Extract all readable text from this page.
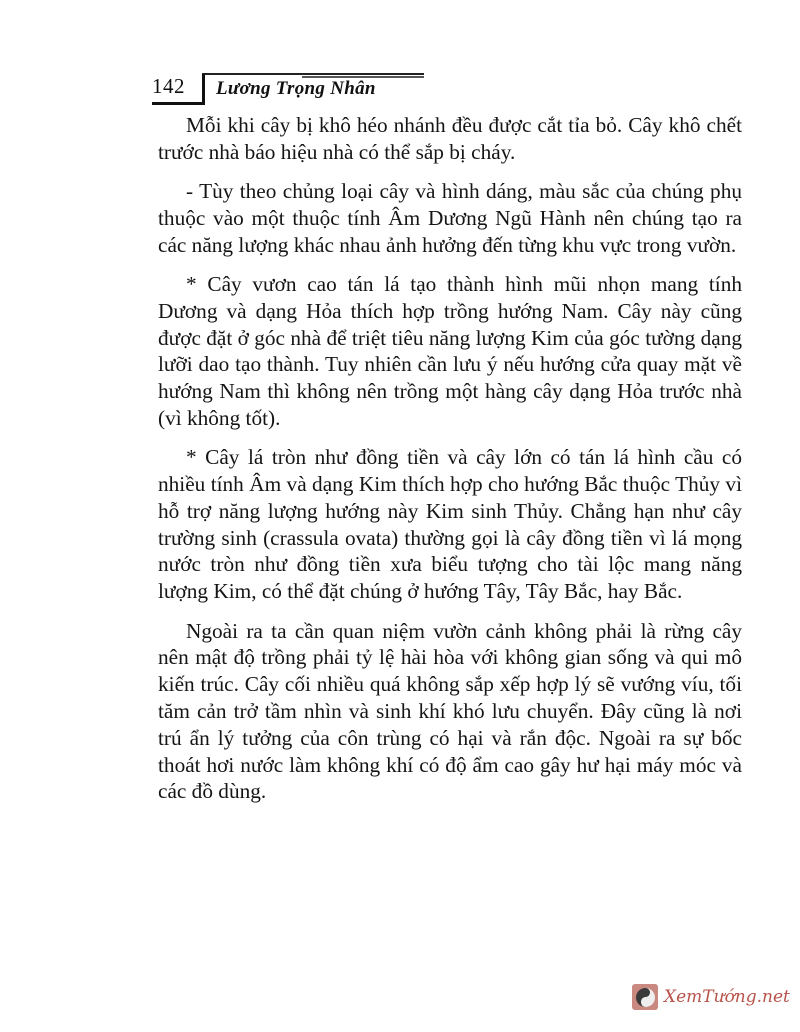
142 Lương Trọng Nhân

Mỗi khi cây bị khô héo nhánh đều được cắt tỉa bỏ. Cây khô chết trước nhà báo hiệu nhà có thể sắp bị cháy.

- Tùy theo chủng loại cây và hình dáng, màu sắc của chúng phụ thuộc vào một thuộc tính Âm Dương Ngũ Hành nên chúng tạo ra các năng lượng khác nhau ảnh hưởng đến từng khu vực trong vườn.

* Cây vươn cao tán lá tạo thành hình mũi nhọn mang tính Dương và dạng Hỏa thích hợp trồng hướng Nam. Cây này cũng được đặt ở góc nhà để triệt tiêu năng lượng Kim của góc tường dạng lưỡi dao tạo thành. Tuy nhiên cần lưu ý nếu hướng cửa quay mặt về hướng Nam thì không nên trồng một hàng cây dạng Hỏa trước nhà (vì không tốt).

* Cây lá tròn như đồng tiền và cây lớn có tán lá hình cầu có nhiều tính Âm và dạng Kim thích hợp cho hướng Bắc thuộc Thủy vì hỗ trợ năng lượng hướng này Kim sinh Thủy. Chẳng hạn như cây trường sinh (crassula ovata) thường gọi là cây đồng tiền vì lá mọng nước tròn như đồng tiền xưa biểu tượng cho tài lộc mang năng lượng Kim, có thể đặt chúng ở hướng Tây, Tây Bắc, hay Bắc.

Ngoài ra ta cần quan niệm vườn cảnh không phải là rừng cây nên mật độ trồng phải tỷ lệ hài hòa với không gian sống và qui mô kiến trúc. Cây cối nhiều quá không sắp xếp hợp lý sẽ vướng víu, tối tăm cản trở tầm nhìn và sinh khí khó lưu chuyển. Đây cũng là nơi trú ẩn lý tưởng của côn trùng có hại và rắn độc. Ngoài ra sự bốc thoát hơi nước làm không khí có độ ẩm cao gây hư hại máy móc và các đồ dùng.

XemTướng.net
